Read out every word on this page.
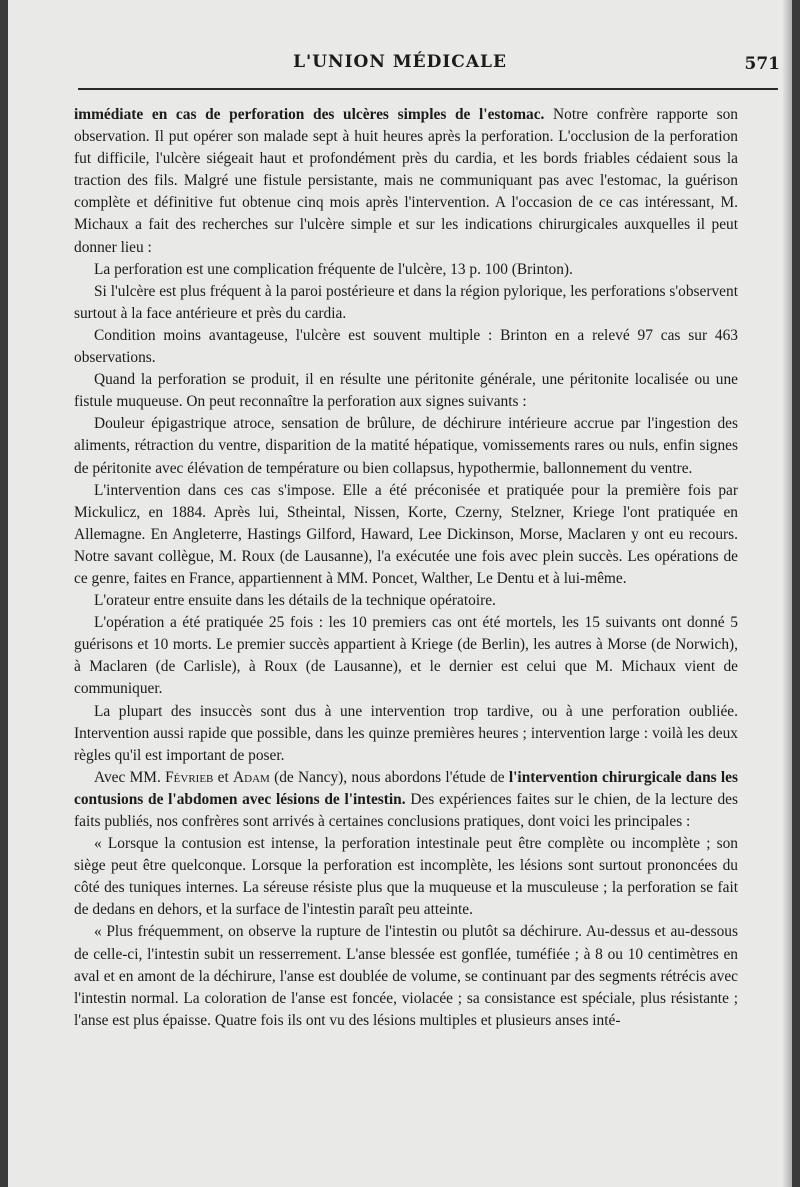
L'UNION MÉDICALE	571

immédiate en cas de perforation des ulcères simples de l'estomac. Notre confrère rapporte son observation. Il put opérer son malade sept à huit heures après la perforation. L'occlusion de la perforation fut difficile, l'ulcère siégeait haut et profondément près du cardia, et les bords friables cédaient sous la traction des fils. Malgré une fistule persistante, mais ne communiquant pas avec l'estomac, la guérison complète et définitive fut obtenue cinq mois après l'intervention. A l'occasion de ce cas intéressant, M. Michaux a fait des recherches sur l'ulcère simple et sur les indications chirurgicales auxquelles il peut donner lieu :

La perforation est une complication fréquente de l'ulcère, 13 p. 100 (Brinton).

Si l'ulcère est plus fréquent à la paroi postérieure et dans la région pylorique, les perforations s'observent surtout à la face antérieure et près du cardia.

Condition moins avantageuse, l'ulcère est souvent multiple : Brinton en a relevé 97 cas sur 463 observations.

Quand la perforation se produit, il en résulte une péritonite générale, une péritonite localisée ou une fistule muqueuse. On peut reconnaître la perforation aux signes suivants :

Douleur épigastrique atroce, sensation de brûlure, de déchirure intérieure accrue par l'ingestion des aliments, rétraction du ventre, disparition de la matité hépatique, vomissements rares ou nuls, enfin signes de péritonite avec élévation de température ou bien collapsus, hypothermie, ballonnement du ventre.

L'intervention dans ces cas s'impose. Elle a été préconisée et pratiquée pour la première fois par Mickulicz, en 1884. Après lui, Stheintal, Nissen, Korte, Czerny, Stelzner, Kriege l'ont pratiquée en Allemagne. En Angleterre, Hastings Gilford, Haward, Lee Dickinson, Morse, Maclaren y ont eu recours. Notre savant collègue, M. Roux (de Lausanne), l'a exécutée une fois avec plein succès. Les opérations de ce genre, faites en France, appartiennent à MM. Poncet, Walther, Le Dentu et à lui-même.

L'orateur entre ensuite dans les détails de la technique opératoire.

L'opération a été pratiquée 25 fois : les 10 premiers cas ont été mortels, les 15 suivants ont donné 5 guérisons et 10 morts. Le premier succès appartient à Kriege (de Berlin), les autres à Morse (de Norwich), à Maclaren (de Carlisle), à Roux (de Lausanne), et le dernier est celui que M. Michaux vient de communiquer.

La plupart des insuccès sont dus à une intervention trop tardive, ou à une perforation oubliée. Intervention aussi rapide que possible, dans les quinze premières heures ; intervention large : voilà les deux règles qu'il est important de poser.

Avec MM. Févrieb et Adam (de Nancy), nous abordons l'étude de l'intervention chirurgicale dans les contusions de l'abdomen avec lésions de l'intestin. Des expériences faites sur le chien, de la lecture des faits publiés, nos confrères sont arrivés à certaines conclusions pratiques, dont voici les principales :

« Lorsque la contusion est intense, la perforation intestinale peut être complète ou incomplète ; son siège peut être quelconque. Lorsque la perforation est incomplète, les lésions sont surtout prononcées du côté des tuniques internes. La séreuse résiste plus que la muqueuse et la musculeuse ; la perforation se fait de dedans en dehors, et la surface de l'intestin paraît peu atteinte.

« Plus fréquemment, on observe la rupture de l'intestin ou plutôt sa déchirure. Au-dessus et au-dessous de celle-ci, l'intestin subit un resserrement. L'anse blessée est gonflée, tuméfiée ; à 8 ou 10 centimètres en aval et en amont de la déchirure, l'anse est doublée de volume, se continuant par des segments rétrécis avec l'intestin normal. La coloration de l'anse est foncée, violacée ; sa consistance est spéciale, plus résistante ; l'anse est plus épaisse. Quatre fois ils ont vu des lésions multiples et plusieurs anses inté-
